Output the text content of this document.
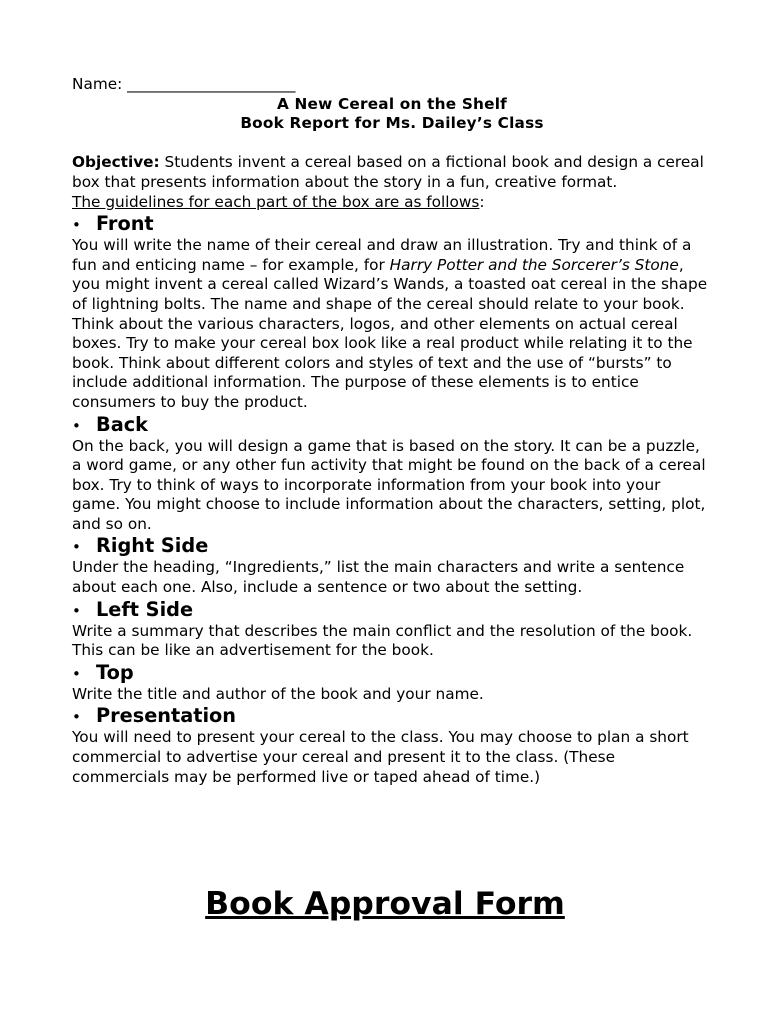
Name: ______________________

A New Cereal on the Shelf

Book Report for Ms. Dailey’s Class

Objective: Students invent a cereal based on a fictional book and design a cereal box that presents information about the story in a fun, creative format.

The guidelines for each part of the box are as follows:

• Front

You will write the name of their cereal and draw an illustration. Try and think of a fun and enticing name – for example, for Harry Potter and the Sorcerer’s Stone, you might invent a cereal called Wizard’s Wands, a toasted oat cereal in the shape of lightning bolts. The name and shape of the cereal should relate to your book. Think about the various characters, logos, and other elements on actual cereal boxes. Try to make your cereal box look like a real product while relating it to the book. Think about different colors and styles of text and the use of “bursts” to include additional information. The purpose of these elements is to entice consumers to buy the product.

• Back

On the back, you will design a game that is based on the story. It can be a puzzle, a word game, or any other fun activity that might be found on the back of a cereal box. Try to think of ways to incorporate information from your book into your game. You might choose to include information about the characters, setting, plot, and so on.

• Right Side

Under the heading, “Ingredients,” list the main characters and write a sentence about each one. Also, include a sentence or two about the setting.

• Left Side

Write a summary that describes the main conflict and the resolution of the book. This can be like an advertisement for the book.

• Top

Write the title and author of the book and your name.

• Presentation

You will need to present your cereal to the class. You may choose to plan a short commercial to advertise your cereal and present it to the class. (These commercials may be performed live or taped ahead of time.)

Book Approval Form
